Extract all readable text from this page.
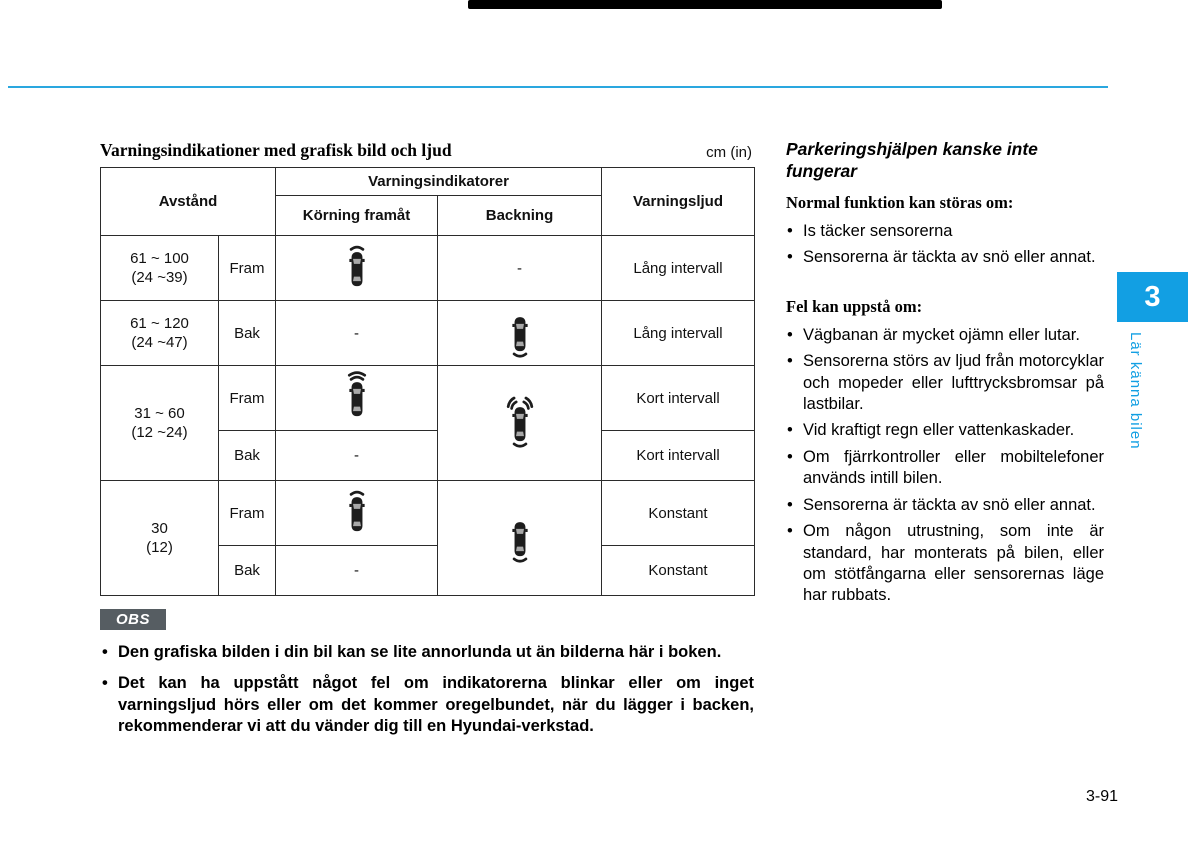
Varningsindikationer med grafisk bild och ljud	cm (in)
Avstånd		Varningsindikatorer		Varningsljud
		Körning framåt	Backning	

61 ~ 100
(24 ~39)	Fram		-	Lång intervall

61 ~ 120
(24 ~47)	Bak	-		Lång intervall

31 ~ 60
(12 ~24)	Fram			Kort intervall
	Bak	-		Kort intervall

30
(12)	Fram			Konstant
	Bak	-		Konstant
OBS
• Den grafiska bilden i din bil kan se lite annorlunda ut än bilderna här i boken.
• Det kan ha uppstått något fel om indikatorerna blinkar eller om inget varningsljud hörs eller om det kommer oregelbundet, när du lägger i backen, rekommenderar vi att du vänder dig till en Hyundai-verkstad.
Parkeringshjälpen kanske inte fungerar
Normal funktion kan störas om:
• Is täcker sensorerna
• Sensorerna är täckta av snö eller annat.
Fel kan uppstå om:
• Vägbanan är mycket ojämn eller lutar.
• Sensorerna störs av ljud från motorcyklar och mopeder eller lufttrycksbromsar på lastbilar.
• Vid kraftigt regn eller vattenkaskader.
• Om fjärrkontroller eller mobiltelefoner används intill bilen.
• Sensorerna är täckta av snö eller annat.
• Om någon utrustning, som inte är standard, har monterats på bilen, eller om stötfångarna eller sensorernas läge har rubbats.
3
Lär känna bilen
3-91
